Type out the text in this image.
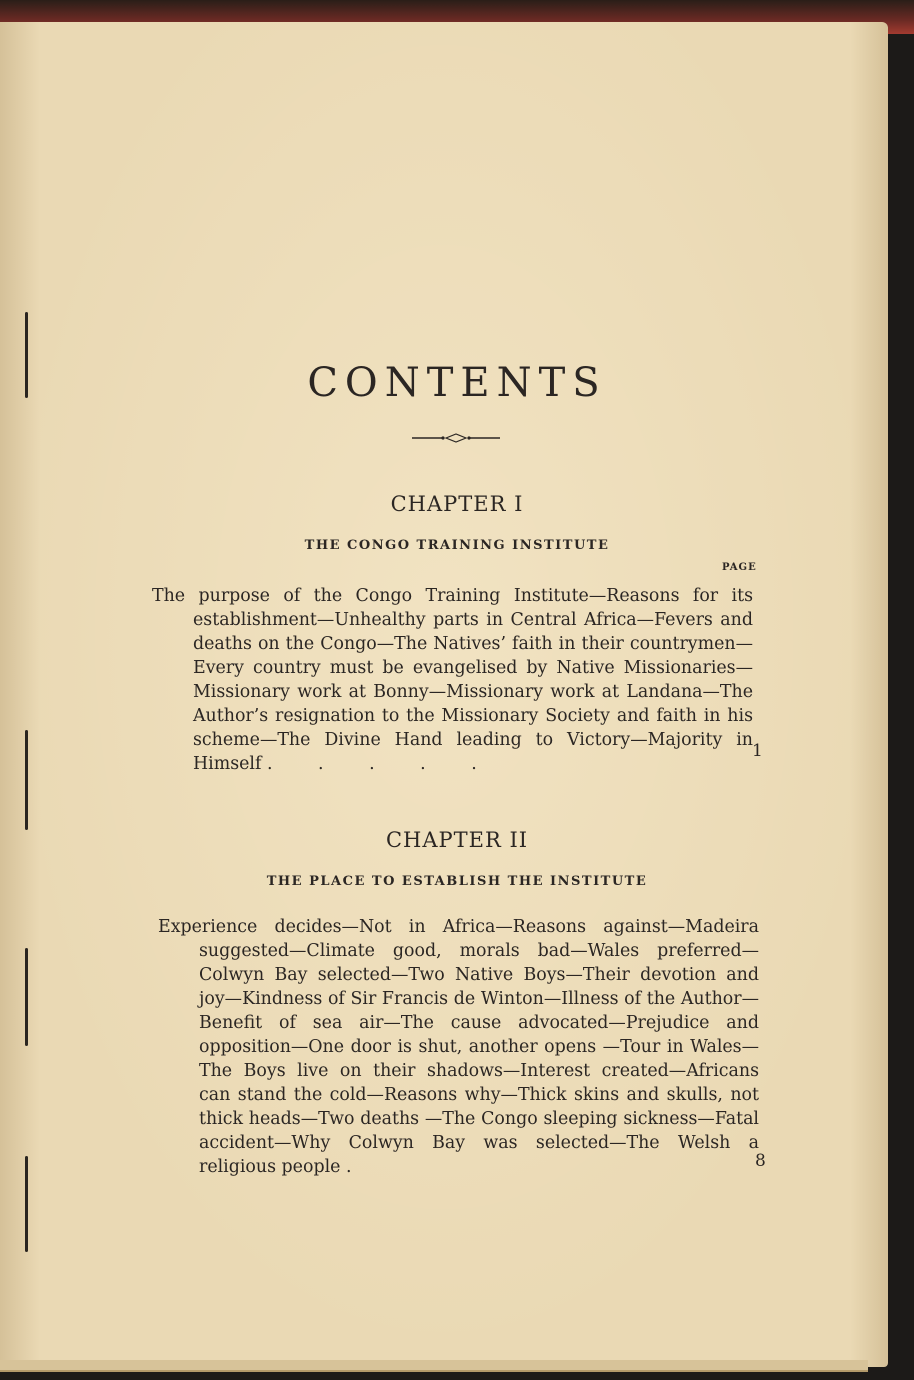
CONTENTS
CHAPTER I
THE CONGO TRAINING INSTITUTE
PAGE
The purpose of the Congo Training Institute—Reasons for its establishment—Unhealthy parts in Central Africa—Fevers and deaths on the Congo—The Natives’ faith in their countrymen—Every country must be evangelised by Native Missionaries—Missionary work at Bonny—Missionary work at Landana—The Author’s resignation to the Missionary Society and faith in his scheme—The Divine Hand leading to Victory—Majority in Himself . . . . .
1
CHAPTER II
THE PLACE TO ESTABLISH THE INSTITUTE
Experience decides—Not in Africa—Reasons against—Madeira suggested—Climate good, morals bad—Wales preferred—Colwyn Bay selected—Two Native Boys—Their devotion and joy—Kindness of Sir Francis de Winton—Illness of the Author—Benefit of sea air—The cause advocated—Prejudice and opposition—One door is shut, another opens —Tour in Wales—The Boys live on their shadows—Interest created—Africans can stand the cold—Reasons why—Thick skins and skulls, not thick heads—Two deaths —The Congo sleeping sickness—Fatal accident—Why Colwyn Bay was selected—The Welsh a religious people .	8
